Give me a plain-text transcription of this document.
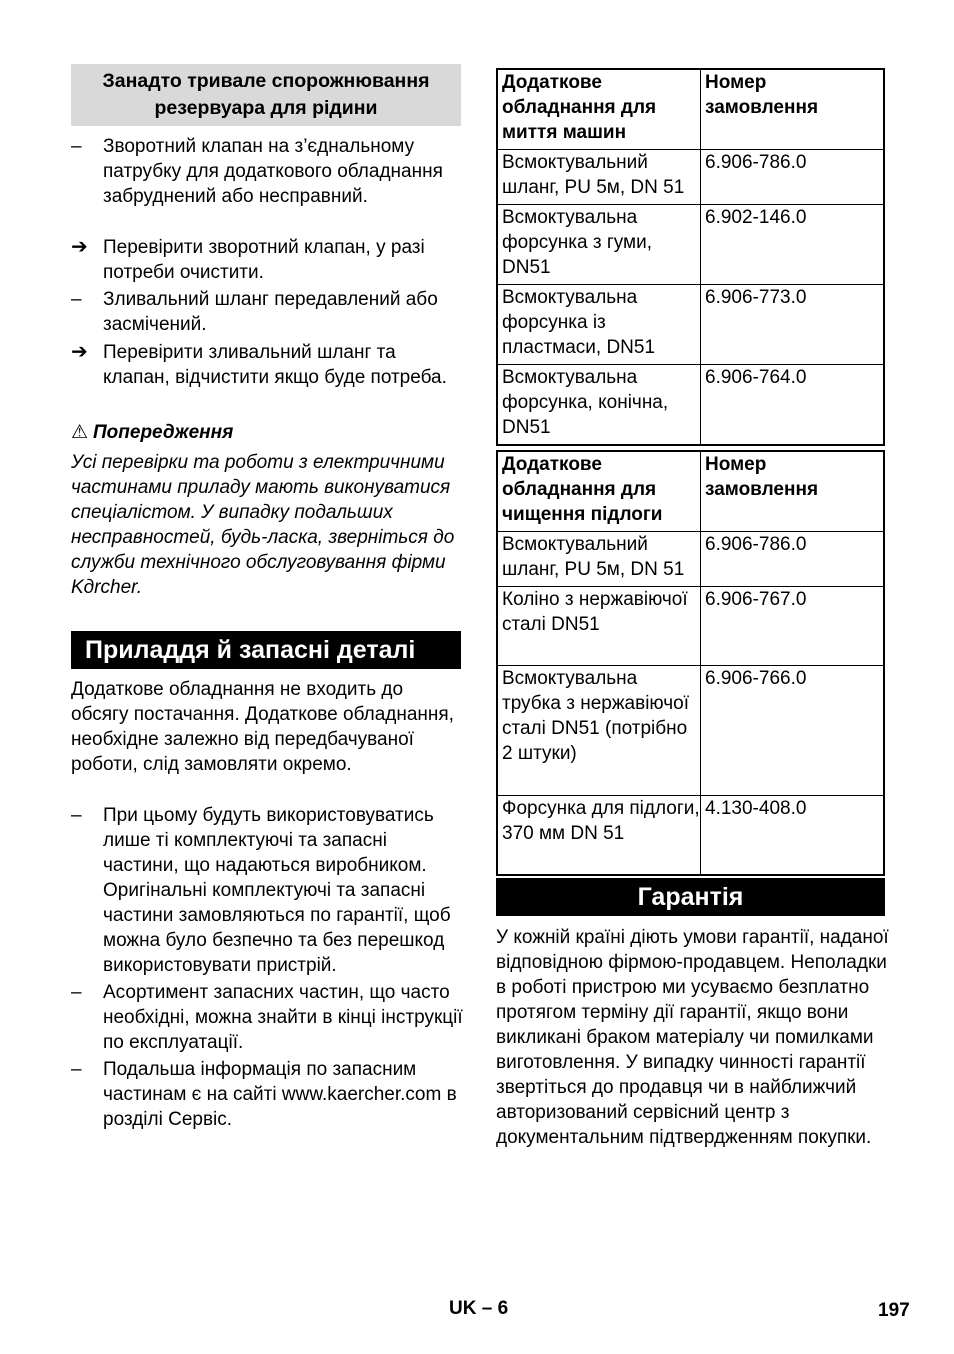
Занадто тривале спорожнювання резервуара для рідини
–	Зворотний клапан на з’єднальному патрубку для додаткового обладнання забруднений або несправний.
➔ Перевірити зворотний клапан, у разі потреби очистити.
–	Зливальний шланг передавлений або засмічений.
➔ Перевірити зливальний шланг та клапан, відчистити якщо буде потреба.
⚠ Попередження
Усі перевірки та роботи з електричними частинами приладу мають виконуватися спеціалістом. У випадку подальших несправностей, будь-ласка, зверніться до служби технічного обслуговування фірми Kдrcher.
Приладдя й запасні деталі
Додаткове обладнання не входить до обсягу постачання. Додаткове обладнання, необхідне залежно від передбачуваної роботи, слід замовляти окремо.
–	При цьому будуть використовуватись лише ті комплектуючі та запасні частини, що надаються виробником. Оригінальні комплектуючі та запасні частини замовляються по гарантії, щоб можна було безпечно та без перешкод використовувати пристрій.
–	Асортимент запасних частин, що часто необхідні, можна знайти в кінці інструкції по експлуатації.
–	Подальша інформація по запасним частинам є на сайті www.kaercher.com в розділі Сервіс.
Додаткове обладнання для миття машин	Номер замовлення
Всмоктувальний шланг, PU 5м, DN 51	6.906-786.0
Всмоктувальна форсунка з гуми, DN51	6.902-146.0
Всмоктувальна форсунка із пластмаси, DN51	6.906-773.0
Всмоктувальна форсунка, конічна, DN51	6.906-764.0
Додаткове обладнання для чищення підлоги	Номер замовлення
Всмоктувальний шланг, PU 5м, DN 51	6.906-786.0
Коліно з нержавіючої сталі DN51	6.906-767.0
Всмоктувальна трубка з нержавіючої сталі DN51 (потрібно 2 штуки)	6.906-766.0
Форсунка для підлоги, 370 мм DN 51	4.130-408.0
Гарантія
У кожній країні діють умови гарантії, наданої відповідною фірмою-продавцем. Неполадки в роботі пристрою ми усуваємо безплатно протягом терміну дії гарантії, якщо вони викликані браком матеріалу чи помилками виготовлення. У випадку чинності гарантії звертіться до продавця чи в найближчий авторизований сервісний центр з документальним підтвердженням покупки.
UK – 6	197
